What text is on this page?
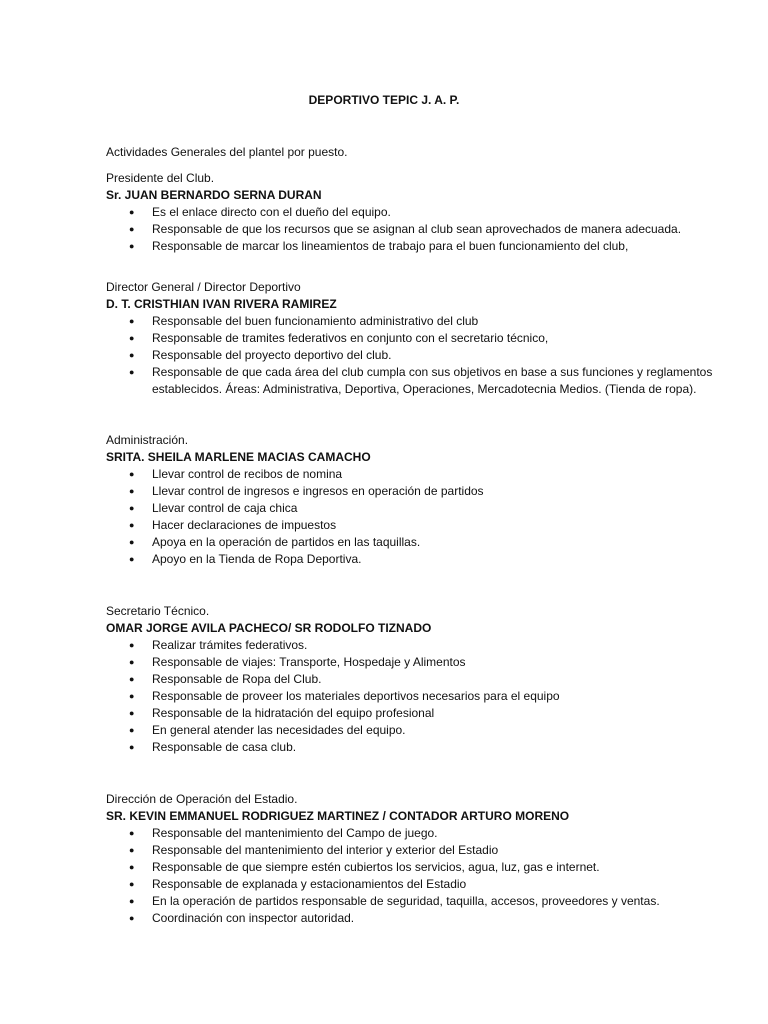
DEPORTIVO TEPIC J. A. P.
Actividades Generales del plantel por puesto.

Presidente del Club.

Sr. JUAN BERNARDO SERNA DURAN

● Es el enlace directo con el dueño del equipo.
● Responsable de que los recursos que se asignan al club sean aprovechados de manera adecuada.
● Responsable de marcar los lineamientos de trabajo para el buen funcionamiento del club,

Director General / Director Deportivo

D. T. CRISTHIAN IVAN RIVERA RAMIREZ

● Responsable del buen funcionamiento administrativo del club
● Responsable de tramites federativos en conjunto con el secretario técnico,
● Responsable del proyecto deportivo del club.
● Responsable de que cada área del club cumpla con sus objetivos en base a sus funciones y reglamentos establecidos. Áreas: Administrativa, Deportiva, Operaciones, Mercadotecnia Medios. (Tienda de ropa).

Administración.

SRITA. SHEILA MARLENE MACIAS CAMACHO

● Llevar control de recibos de nomina
● Llevar control de ingresos e ingresos en operación de partidos
● Llevar control de caja chica
● Hacer declaraciones de impuestos
● Apoya en la operación de partidos en las taquillas.
● Apoyo en la Tienda de Ropa Deportiva.

Secretario Técnico.

OMAR JORGE AVILA PACHECO/ SR RODOLFO TIZNADO

● Realizar trámites federativos.
● Responsable de viajes: Transporte, Hospedaje y Alimentos
● Responsable de Ropa del Club.
● Responsable de proveer los materiales deportivos necesarios para el equipo
● Responsable de la hidratación del equipo profesional
● En general atender las necesidades del equipo.
● Responsable de casa club.

Dirección de Operación del Estadio.

SR. KEVIN EMMANUEL RODRIGUEZ MARTINEZ / CONTADOR ARTURO MORENO

● Responsable del mantenimiento del Campo de juego.
● Responsable del mantenimiento del interior y exterior del Estadio
● Responsable de que siempre estén cubiertos los servicios, agua, luz, gas e internet.
● Responsable de explanada y estacionamientos del Estadio
● En la operación de partidos responsable de seguridad, taquilla, accesos, proveedores y ventas.
● Coordinación con inspector autoridad.
